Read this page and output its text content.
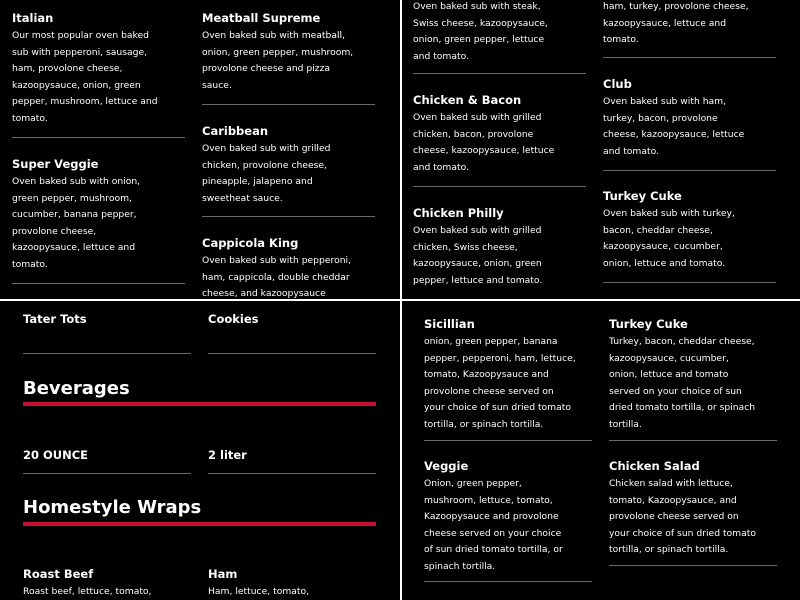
Italian
Our most popular oven baked
sub with pepperoni, sausage,
ham, provolone cheese,
kazoopysauce, onion, green
pepper, mushroom, lettuce and
tomato.
Super Veggie
Oven baked sub with onion,
green pepper, mushroom,
cucumber, banana pepper,
provolone cheese,
kazoopysauce, lettuce and
tomato.
Meatball Supreme
Oven baked sub with meatball,
onion, green pepper, mushroom,
provolone cheese and pizza
sauce.
Caribbean
Oven baked sub with grilled
chicken, provolone cheese,
pineapple, jalapeno and
sweetheat sauce.
Cappicola King
Oven baked sub with pepperoni,
ham, cappicola, double cheddar
cheese, and kazoopysauce
Oven baked sub with steak,
Swiss cheese, kazoopysauce,
onion, green pepper, lettuce
and tomato.
Chicken & Bacon
Oven baked sub with grilled
chicken, bacon, provolone
cheese, kazoopysauce, lettuce
and tomato.
Chicken Philly
Oven baked sub with grilled
chicken, Swiss cheese,
kazoopysauce, onion, green
pepper, lettuce and tomato.
ham, turkey, provolone cheese,
kazoopysauce, lettuce and
tomato.
Club
Oven baked sub with ham,
turkey, bacon, provolone
cheese, kazoopysauce, lettuce
and tomato.
Turkey Cuke
Oven baked sub with turkey,
bacon, cheddar cheese,
kazoopysauce, cucumber,
onion, lettuce and tomato.
Tater Tots	Cookies
Beverages
20 OUNCE	2 liter
Homestyle Wraps
Roast Beef
Roast beef, lettuce, tomato,
Ham
Ham, lettuce, tomato,
Sicillian
onion, green pepper, banana
pepper, pepperoni, ham, lettuce,
tomato, Kazoopysauce and
provolone cheese served on
your choice of sun dried tomato
tortilla, or spinach tortilla.
Veggie
Onion, green pepper,
mushroom, lettuce, tomato,
Kazoopysauce and provolone
cheese served on your choice
of sun dried tomato tortilla, or
spinach tortilla.
Turkey Cuke
Turkey, bacon, cheddar cheese,
kazoopysauce, cucumber,
onion, lettuce and tomato
served on your choice of sun
dried tomato tortilla, or spinach
tortilla.
Chicken Salad
Chicken salad with lettuce,
tomato, Kazoopysauce, and
provolone cheese served on
your choice of sun dried tomato
tortilla, or spinach tortilla.
